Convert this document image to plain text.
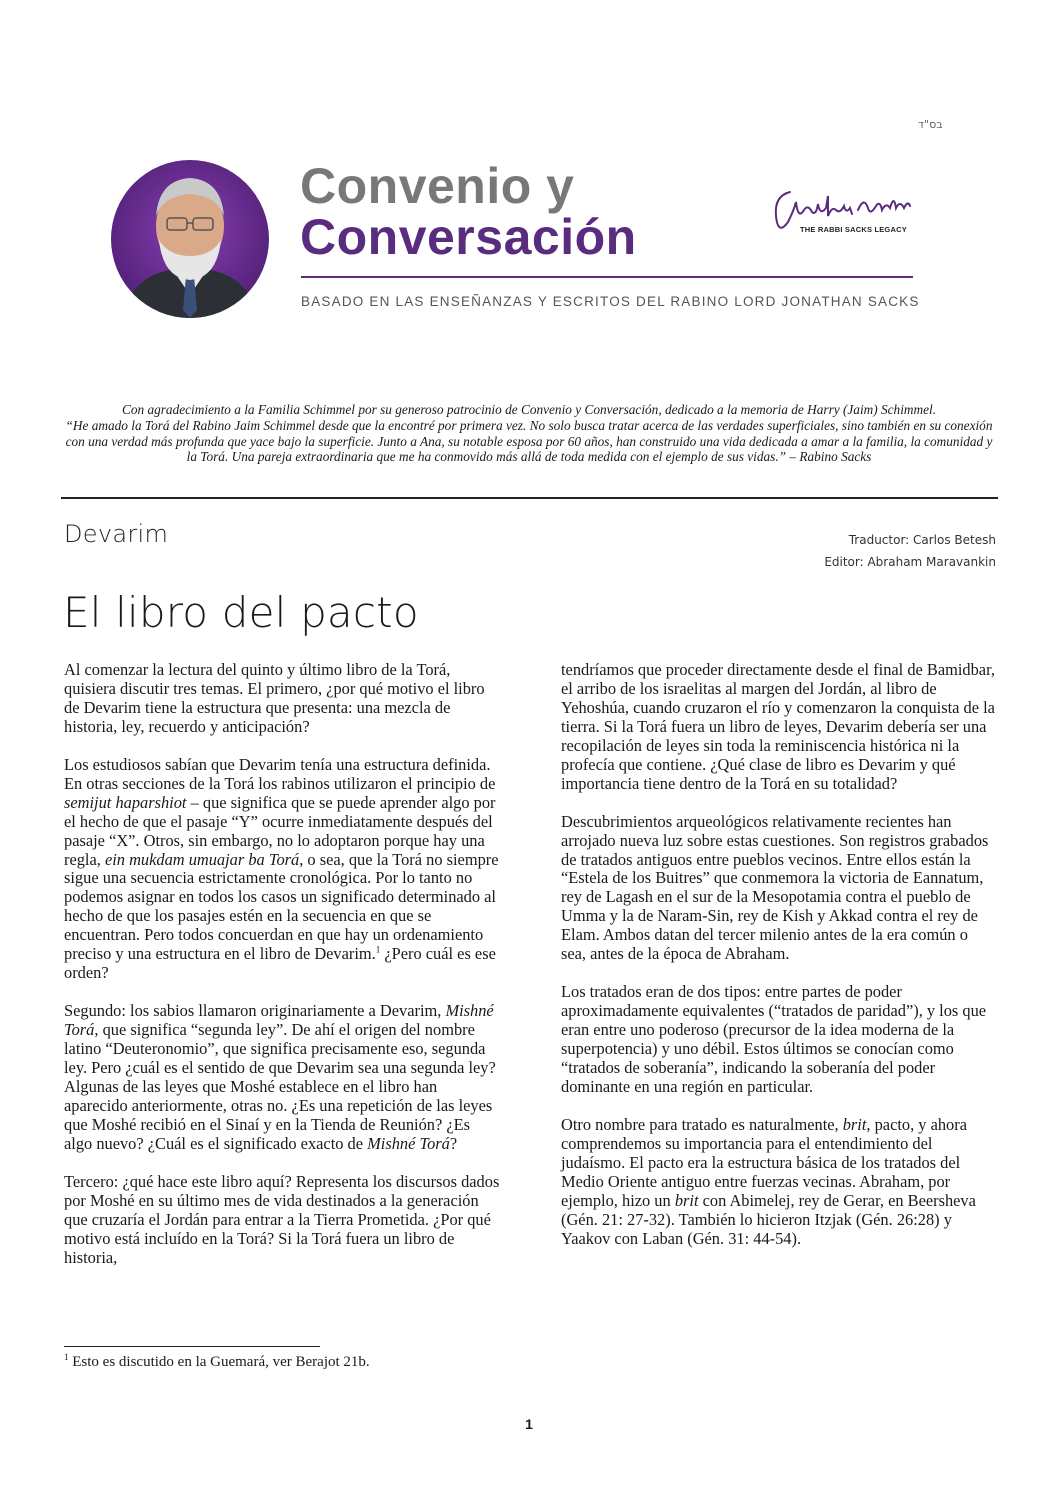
בס"ד
Convenio y
Conversación
BASADO EN LAS ENSEÑANZAS Y ESCRITOS DEL RABINO LORD JONATHAN SACKS
THE RABBI SACKS LEGACY

Con agradecimiento a la Familia Schimmel por su generoso patrocinio de Convenio y Conversación, dedicado a la memoria de Harry (Jaim) Schimmel.

“He amado la Torá del Rabino Jaim Schimmel desde que la encontré por primera vez. No solo busca tratar acerca de las verdades superficiales, sino también en su conexión con una verdad más profunda que yace bajo la superficie. Junto a Ana, su notable esposa por 60 años, han construido una vida dedicada a amar a la familia, la comunidad y la Torá. Una pareja extraordinaria que me ha conmovido más allá de toda medida con el ejemplo de sus vidas.” – Rabino Sacks

Devarim	Traductor: Carlos Betesh
Editor: Abraham Maravankin
El libro del pacto

Al comenzar la lectura del quinto y último libro de la Torá, quisiera discutir tres temas. El primero, ¿por qué motivo el libro de Devarim tiene la estructura que presenta: una mezcla de historia, ley, recuerdo y anticipación?

Los estudiosos sabían que Devarim tenía una estructura definida. En otras secciones de la Torá los rabinos utilizaron el principio de semijut haparshiot – que significa que se puede aprender algo por el hecho de que el pasaje “Y” ocurre inmediatamente después del pasaje “X”. Otros, sin embargo, no lo adoptaron porque hay una regla, ein mukdam umuajar ba Torá, o sea, que la Torá no siempre sigue una secuencia estrictamente cronológica. Por lo tanto no podemos asignar en todos los casos un significado determinado al hecho de que los pasajes estén en la secuencia en que se encuentran. Pero todos concuerdan en que hay un ordenamiento preciso y una estructura en el libro de Devarim.$^1$ ¿Pero cuál es ese orden?

Segundo: los sabios llamaron originariamente a Devarim, Mishné Torá, que significa “segunda ley”. De ahí el origen del nombre latino “Deuteronomio”, que significa precisamente eso, segunda ley. Pero ¿cuál es el sentido de que Devarim sea una segunda ley? Algunas de las leyes que Moshé establece en el libro han aparecido anteriormente, otras no. ¿Es una repetición de las leyes que Moshé recibió en el Sinaí y en la Tienda de Reunión? ¿Es algo nuevo? ¿Cuál es el significado exacto de Mishné Torá?

Tercero: ¿qué hace este libro aquí? Representa los discursos dados por Moshé en su último mes de vida destinados a la generación que cruzaría el Jordán para entrar a la Tierra Prometida. ¿Por qué motivo está incluído en la Torá? Si la Torá fuera un libro de historia,

tendríamos que proceder directamente desde el final de Bamidbar, el arribo de los israelitas al margen del Jordán, al libro de Yehoshúa, cuando cruzaron el río y comenzaron la conquista de la tierra. Si la Torá fuera un libro de leyes, Devarim debería ser una recopilación de leyes sin toda la reminiscencia histórica ni la profecía que contiene. ¿Qué clase de libro es Devarim y qué importancia tiene dentro de la Torá en su totalidad?

Descubrimientos arqueológicos relativamente recientes han arrojado nueva luz sobre estas cuestiones. Son registros grabados de tratados antiguos entre pueblos vecinos. Entre ellos están la “Estela de los Buitres” que conmemora la victoria de Eannatum, rey de Lagash en el sur de la Mesopotamia contra el pueblo de Umma y la de Naram-Sin, rey de Kish y Akkad contra el rey de Elam. Ambos datan del tercer milenio antes de la era común o sea, antes de la época de Abraham.

Los tratados eran de dos tipos: entre partes de poder aproximadamente equivalentes (“tratados de paridad”), y los que eran entre uno poderoso (precursor de la idea moderna de la superpotencia) y uno débil. Estos últimos se conocían como “tratados de soberanía”, indicando la soberanía del poder dominante en una región en particular.

Otro nombre para tratado es naturalmente, brit, pacto, y ahora comprendemos su importancia para el entendimiento del judaísmo. El pacto era la estructura básica de los tratados del Medio Oriente antiguo entre fuerzas vecinas. Abraham, por ejemplo, hizo un brit con Abimelej, rey de Gerar, en Beersheva (Gén. 21: 27-32). También lo hicieron Itzjak (Gén. 26:28) y Yaakov con Laban (Gén. 31: 44-54).

$^1$ Esto es discutido en la Guemará, ver Berajot 21b.
1
